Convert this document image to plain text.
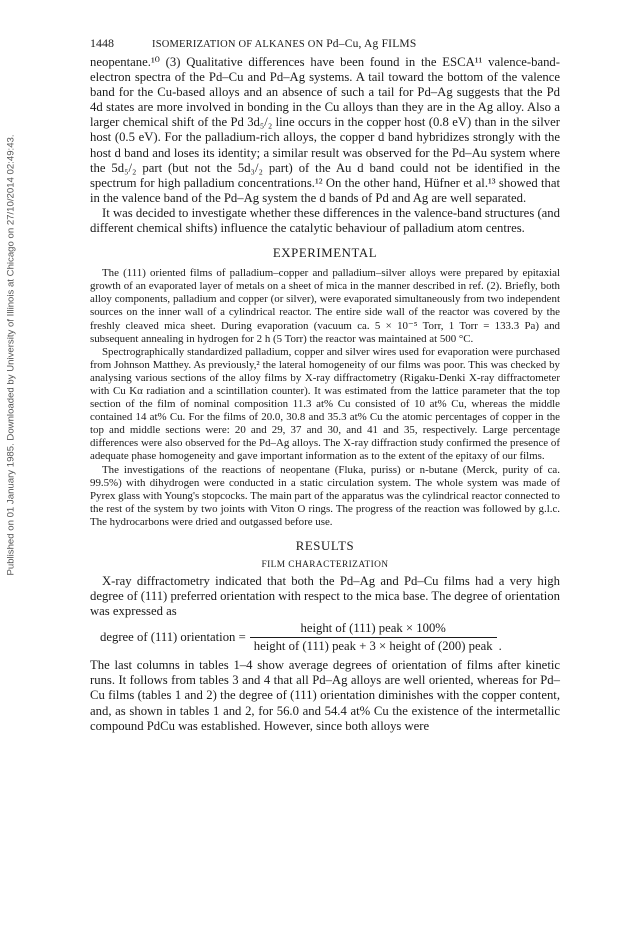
Published on 01 January 1985. Downloaded by University of Illinois at Chicago on 27/10/2014 02:49:43.
1448	ISOMERIZATION OF ALKANES ON Pd–Cu, Ag FILMS

neopentane.¹⁰ (3) Qualitative differences have been found in the ESCA¹¹ valence-band-electron spectra of the Pd–Cu and Pd–Ag systems. A tail toward the bottom of the valence band for the Cu-based alloys and an absence of such a tail for Pd–Ag suggests that the Pd 4d states are more involved in bonding in the Cu alloys than they are in the Ag alloy. Also a larger chemical shift of the Pd 3d₅/₂ line occurs in the copper host (0.8 eV) than in the silver host (0.5 eV). For the palladium-rich alloys, the copper d band hybridizes strongly with the host d band and loses its identity; a similar result was observed for the Pd–Au system where the 5d₅/₂ part (but not the 5d₃/₂ part) of the Au d band could not be identified in the spectrum for high palladium concentrations.¹² On the other hand, Hüfner et al.¹³ showed that in the valence band of the Pd–Ag system the d bands of Pd and Ag are well separated.

It was decided to investigate whether these differences in the valence-band structures (and different chemical shifts) influence the catalytic behaviour of palladium atom centres.

EXPERIMENTAL

The (111) oriented films of palladium–copper and palladium–silver alloys were prepared by epitaxial growth of an evaporated layer of metals on a sheet of mica in the manner described in ref. (2). Briefly, both alloy components, palladium and copper (or silver), were evaporated simultaneously from two independent sources on the inner wall of a cylindrical reactor. The entire side wall of the reactor was covered by the freshly cleaved mica sheet. During evaporation (vacuum ca. 5 × 10⁻⁵ Torr, 1 Torr = 133.3 Pa) and subsequent annealing in hydrogen for 2 h (5 Torr) the reactor was maintained at 500 °C.

Spectrographically standardized palladium, copper and silver wires used for evaporation were purchased from Johnson Matthey. As previously,² the lateral homogeneity of our films was poor. This was checked by analysing various sections of the alloy films by X-ray diffractometry (Rigaku-Denki X-ray diffractometer with Cu Kα radiation and a scintillation counter). It was estimated from the lattice parameter that the top section of the film of nominal composition 11.3 at% Cu consisted of 10 at% Cu, whereas the middle contained 14 at% Cu. For the films of 20.0, 30.8 and 35.3 at% Cu the atomic percentages of copper in the top and middle sections were: 20 and 29, 37 and 30, and 41 and 35, respectively. Large percentage differences were also observed for the Pd–Ag alloys. The X-ray diffraction study confirmed the presence of adequate phase homogeneity and gave important information as to the extent of the epitaxy of our films.

The investigations of the reactions of neopentane (Fluka, puriss) or n-butane (Merck, purity of ca. 99.5%) with dihydrogen were conducted in a static circulation system. The whole system was made of Pyrex glass with Young's stopcocks. The main part of the apparatus was the cylindrical reactor connected to the rest of the system by two joints with Viton O rings. The progress of the reaction was followed by g.l.c. The hydrocarbons were dried and outgassed before use.

RESULTS
FILM CHARACTERIZATION

X-ray diffractometry indicated that both the Pd–Ag and Pd–Cu films had a very high degree of (111) preferred orientation with respect to the mica base. The degree of orientation was expressed as

degree of (111) orientation = $\frac{\text{height of (111) peak × 100\%}}{\text{height of (111) peak + 3 × height of (200) peak}}$ .

The last columns in tables 1–4 show average degrees of orientation of films after kinetic runs. It follows from tables 3 and 4 that all Pd–Ag alloys are well oriented, whereas for Pd–Cu films (tables 1 and 2) the degree of (111) orientation diminishes with the copper content, and, as shown in tables 1 and 2, for 56.0 and 54.4 at% Cu the existence of the intermetallic compound PdCu was established. However, since both alloys were
